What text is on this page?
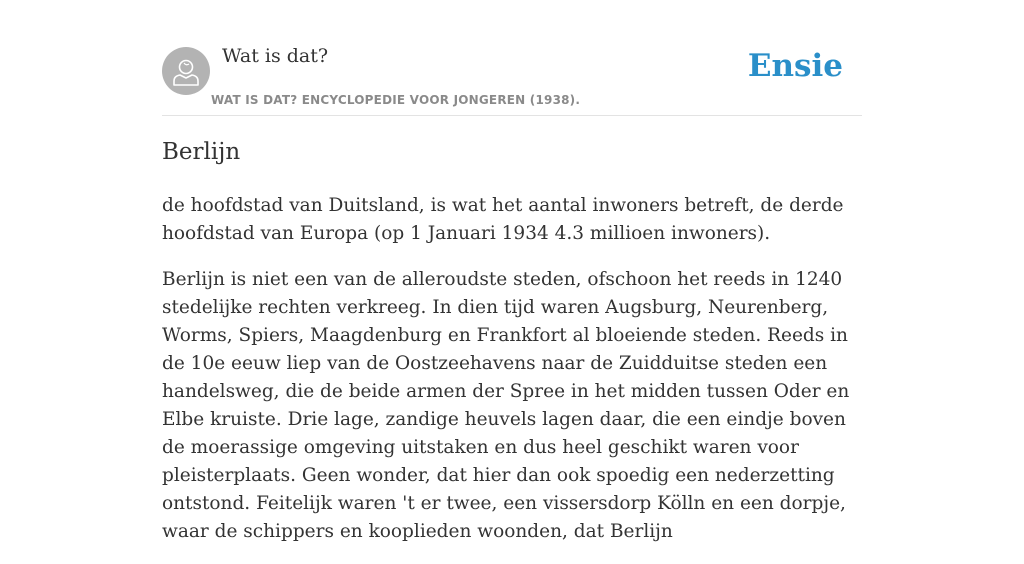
Wat is dat?
WAT IS DAT? ENCYCLOPEDIE VOOR JONGEREN (1938).
Ensie
Berlijn

de hoofdstad van Duitsland, is wat het aantal inwoners betreft, de derde hoofdstad van Europa (op 1 Januari 1934 4.3 millioen inwoners).

Berlijn is niet een van de alleroudste steden, ofschoon het reeds in 1240 stedelijke rechten verkreeg. In dien tijd waren Augsburg, Neurenberg, Worms, Spiers, Maagdenburg en Frankfort al bloeiende steden. Reeds in de 10e eeuw liep van de Oostzeehavens naar de Zuidduitse steden een handelsweg, die de beide armen der Spree in het midden tussen Oder en Elbe kruiste. Drie lage, zandige heuvels lagen daar, die een eindje boven de moerassige omgeving uitstaken en dus heel geschikt waren voor pleisterplaats. Geen wonder, dat hier dan ook spoedig een nederzetting ontstond. Feitelijk waren 't er twee, een vissersdorp Kölln en een dorpje, waar de schippers en kooplieden woonden, dat Berlijn
